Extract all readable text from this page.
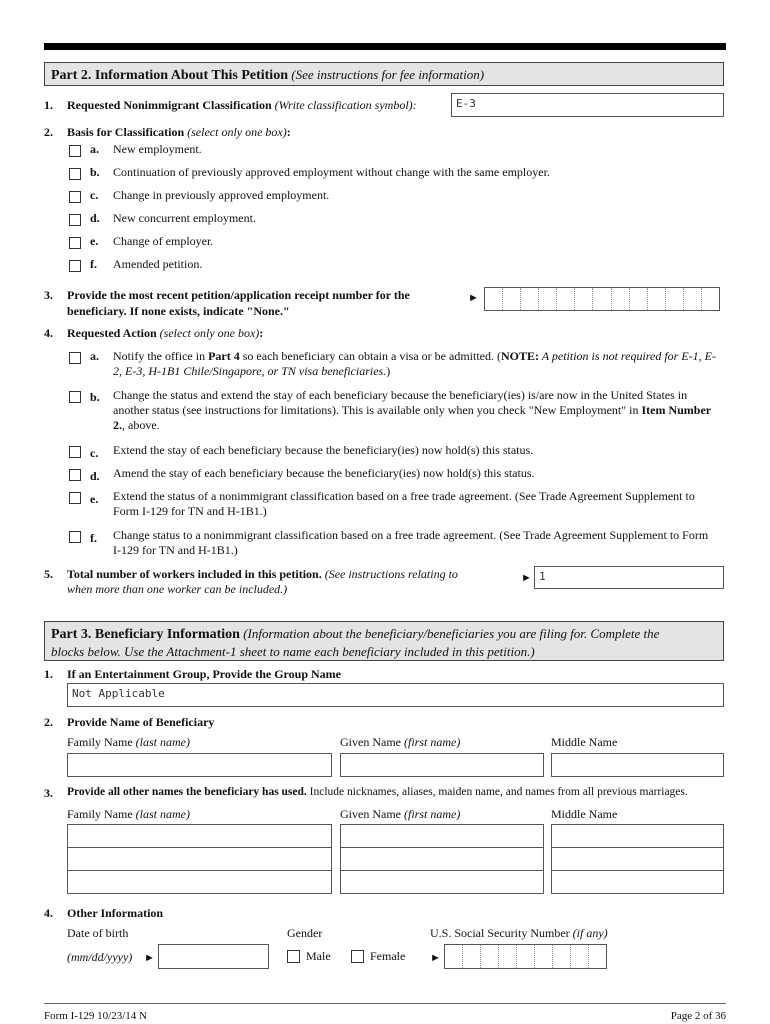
Part 2. Information About This Petition (See instructions for fee information)
1. Requested Nonimmigrant Classification (Write classification symbol):	E-3
2. Basis for Classification (select only one box):
a. New employment.
b. Continuation of previously approved employment without change with the same employer.
c. Change in previously approved employment.
d. New concurrent employment.
e. Change of employer.
f. Amended petition.
3. Provide the most recent petition/application receipt number for the
beneficiary. If none exists, indicate "None."
►
4. Requested Action (select only one box):
a. Notify the office in Part 4 so each beneficiary can obtain a visa or be admitted. (NOTE: A petition is not required for E-1, E-2, E-3, H-1B1 Chile/Singapore, or TN visa beneficiaries.)
b. Change the status and extend the stay of each beneficiary because the beneficiary(ies) is/are now in the United States in another status (see instructions for limitations). This is available only when you check "New Employment" in Item Number 2., above.
c. Extend the stay of each beneficiary because the beneficiary(ies) now hold(s) this status.
d. Amend the stay of each beneficiary because the beneficiary(ies) now hold(s) this status.
e. Extend the status of a nonimmigrant classification based on a free trade agreement. (See Trade Agreement Supplement to Form I-129 for TN and H-1B1.)
f. Change status to a nonimmigrant classification based on a free trade agreement. (See Trade Agreement Supplement to Form I-129 for TN and H-1B1.)
5. Total number of workers included in this petition. (See instructions relating to
when more than one worker can be included.)
► 1
Part 3. Beneficiary Information (Information about the beneficiary/beneficiaries you are filing for. Complete the
blocks below. Use the Attachment-1 sheet to name each beneficiary included in this petition.)
1. If an Entertainment Group, Provide the Group Name
Not Applicable
2. Provide Name of Beneficiary
Family Name (last name)	Given Name (first name)	Middle Name
3. Provide all other names the beneficiary has used. Include nicknames, aliases, maiden name, and names from all previous marriages.
Family Name (last name)	Given Name (first name)	Middle Name
4. Other Information
Date of birth	Gender	U.S. Social Security Number (if any)
(mm/dd/yyyy) ►	Male	Female ►
Form I-129 10/23/14 N	Page 2 of 36
